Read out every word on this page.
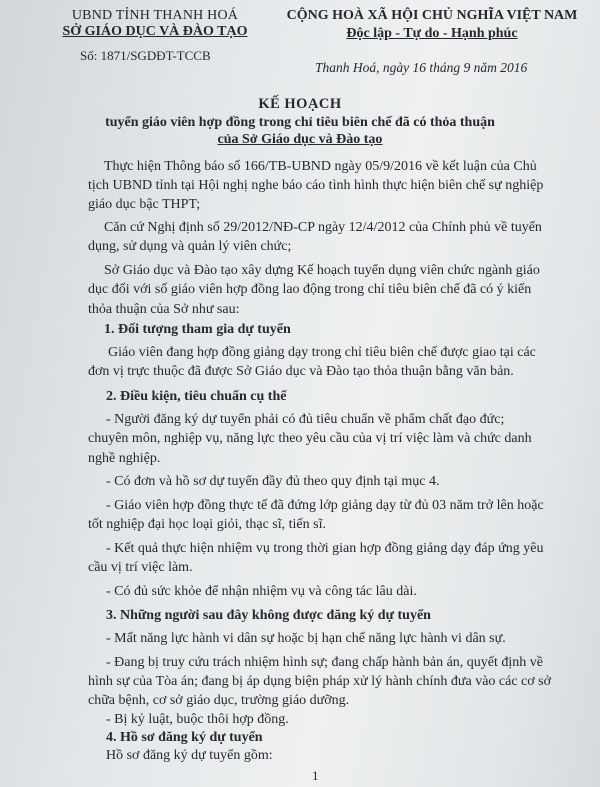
UBND TỈNH THANH HOÁ
SỞ GIÁO DỤC VÀ ĐÀO TẠO
Số: 1871/SGDĐT-TCCB
CỘNG HOÀ XÃ HỘI CHỦ NGHĨA VIỆT NAM
Độc lập - Tự do - Hạnh phúc
Thanh Hoá, ngày 16 tháng 9 năm 2016
KẾ HOẠCH
tuyển giáo viên hợp đồng trong chỉ tiêu biên chế đã có thỏa thuận
của Sở Giáo dục và Đào tạo
Thực hiện Thông báo số 166/TB-UBND ngày 05/9/2016 về kết luận của Chủ
tịch UBND tỉnh tại Hội nghị nghe báo cáo tình hình thực hiện biên chế sự nghiệp
giáo dục bậc THPT;
Căn cứ Nghị định số 29/2012/NĐ-CP ngày 12/4/2012 của Chính phủ về tuyển
dụng, sử dụng và quản lý viên chức;
Sở Giáo dục và Đào tạo xây dựng Kế hoạch tuyển dụng viên chức ngành giáo
dục đối với số giáo viên hợp đồng lao động trong chỉ tiêu biên chế đã có ý kiến
thỏa thuận của Sở như sau:
1. Đối tượng tham gia dự tuyển
Giáo viên đang hợp đồng giảng dạy trong chỉ tiêu biên chế được giao tại các
đơn vị trực thuộc đã được Sở Giáo dục và Đào tạo thỏa thuận bằng văn bản.
2. Điều kiện, tiêu chuẩn cụ thể
- Người đăng ký dự tuyển phải có đủ tiêu chuẩn về phẩm chất đạo đức;
chuyên môn, nghiệp vụ, năng lực theo yêu cầu của vị trí việc làm và chức danh
nghề nghiệp.
- Có đơn và hồ sơ dự tuyển đầy đủ theo quy định tại mục 4.
- Giáo viên hợp đồng thực tế đã đứng lớp giảng dạy từ đủ 03 năm trở lên hoặc
tốt nghiệp đại học loại giỏi, thạc sĩ, tiến sĩ.
- Kết quả thực hiện nhiệm vụ trong thời gian hợp đồng giảng dạy đáp ứng yêu
cầu vị trí việc làm.
- Có đủ sức khỏe để nhận nhiệm vụ và công tác lâu dài.
3. Những người sau đây không được đăng ký dự tuyển
- Mất năng lực hành vi dân sự hoặc bị hạn chế năng lực hành vi dân sự.
- Đang bị truy cứu trách nhiệm hình sự; đang chấp hành bản án, quyết định về
hình sự của Tòa án; đang bị áp dụng biện pháp xử lý hành chính đưa vào các cơ sở
chữa bệnh, cơ sở giáo dục, trường giáo dưỡng.
- Bị kỷ luật, buộc thôi hợp đồng.
4. Hồ sơ đăng ký dự tuyển
Hồ sơ đăng ký dự tuyển gồm:
1
